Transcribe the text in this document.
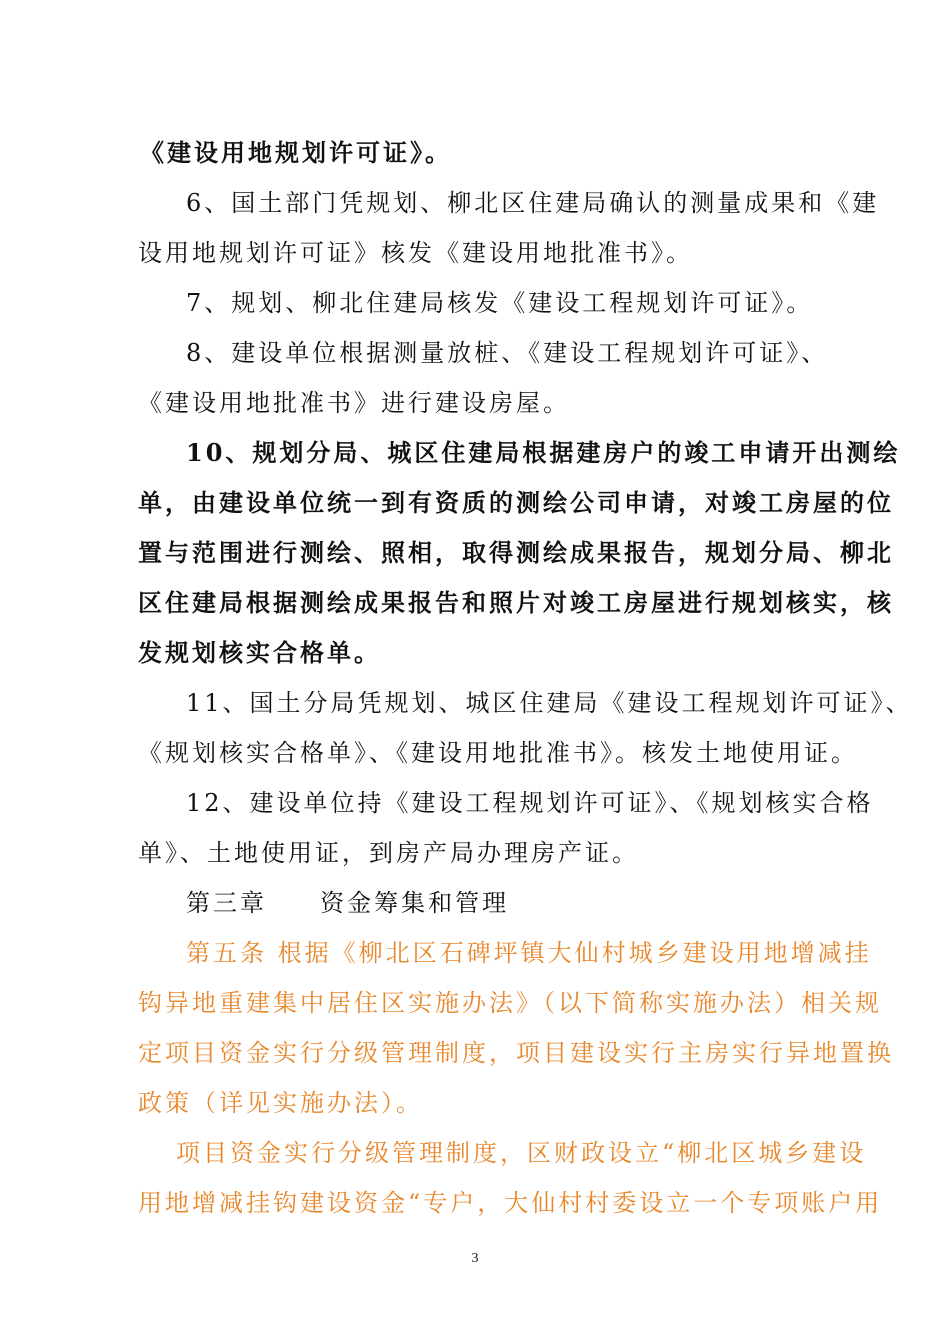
《建设用地规划许可证》。
6、国土部门凭规划、柳北区住建局确认的测量成果和《建
设用地规划许可证》核发《建设用地批准书》。
7、规划、柳北住建局核发《建设工程规划许可证》。
8、建设单位根据测量放桩、《建设工程规划许可证》、
《建设用地批准书》进行建设房屋。
10、规划分局、城区住建局根据建房户的竣工申请开出测绘
单，由建设单位统一到有资质的测绘公司申请，对竣工房屋的位
置与范围进行测绘、照相，取得测绘成果报告，规划分局、柳北
区住建局根据测绘成果报告和照片对竣工房屋进行规划核实，核
发规划核实合格单。
11、国土分局凭规划、城区住建局《建设工程规划许可证》、
《规划核实合格单》、《建设用地批准书》。核发土地使用证。
12、建设单位持《建设工程规划许可证》、《规划核实合格
单》、土地使用证，到房产局办理房产证。
第三章     资金筹集和管理
第五条 根据《柳北区石碑坪镇大仙村城乡建设用地增减挂
钩异地重建集中居住区实施办法》（以下简称实施办法）相关规
定项目资金实行分级管理制度，项目建设实行主房实行异地置换
政策（详见实施办法）。
项目资金实行分级管理制度，区财政设立“柳北区城乡建设
用地增减挂钩建设资金“专户，大仙村村委设立一个专项账户用
3
